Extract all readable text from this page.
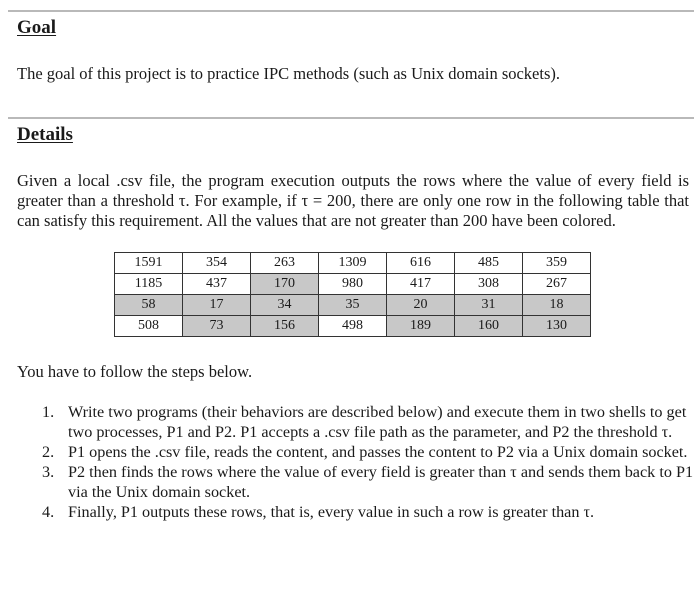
Goal

The goal of this project is to practice IPC methods (such as Unix domain sockets).

Details

Given a local .csv file, the program execution outputs the rows where the value of every field is greater than a threshold τ. For example, if τ = 200, there are only one row in the following table that can satisfy this requirement. All the values that are not greater than 200 have been colored.

1591	354	263	1309	616	485	359
1185	437	170	980	417	308	267
58	17	34	35	20	31	18
508	73	156	498	189	160	130

You have to follow the steps below.

1. Write two programs (their behaviors are described below) and execute them in two shells to get two processes, P1 and P2. P1 accepts a .csv file path as the parameter, and P2 the threshold τ.
2. P1 opens the .csv file, reads the content, and passes the content to P2 via a Unix domain socket.
3. P2 then finds the rows where the value of every field is greater than τ and sends them back to P1 via the Unix domain socket.
4. Finally, P1 outputs these rows, that is, every value in such a row is greater than τ.
